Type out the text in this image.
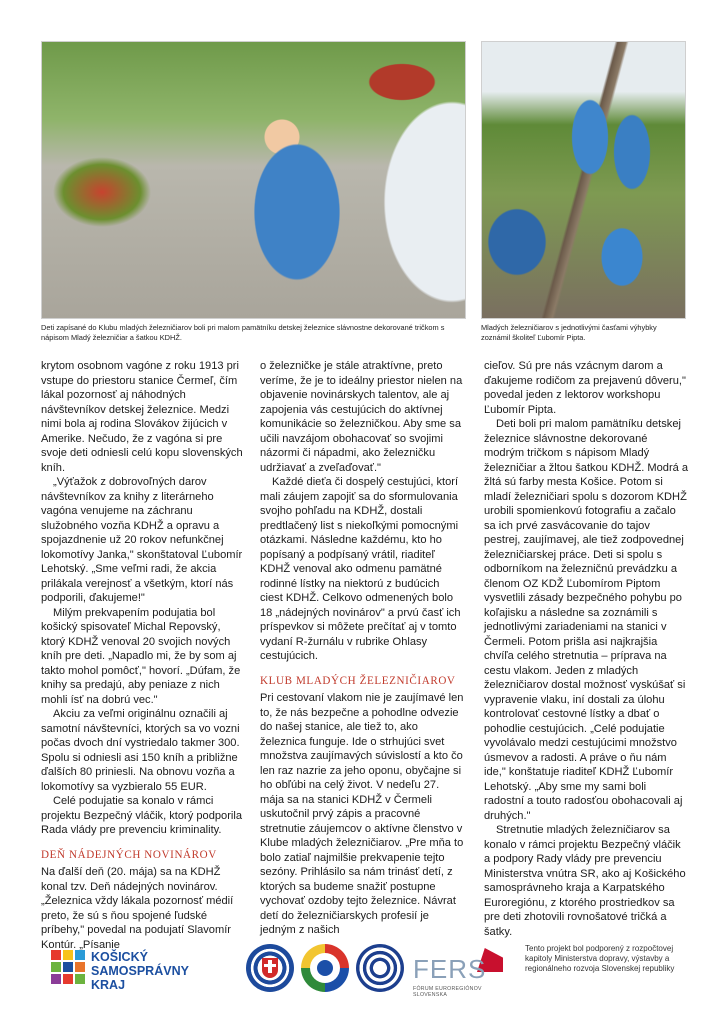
Deti zapísané do Klubu mladých železničiarov boli pri malom pamätníku detskej železnice slávnostne dekorované tričkom s nápisom Mladý železničiar a šatkou KDHŽ.
Mladých železničiarov s jednotlivými časťami výhybky zoznámil školiteľ Ľubomír Pipta.

krytom osobnom vagóne z roku 1913 pri vstupe do priestoru stanice Čermeľ, čím lákal pozornosť aj náhodných návštevníkov detskej železnice. Medzi nimi bola aj rodina Slovákov žijúcich v Amerike. Nečudo, že z vagóna si pre svoje deti odniesli celú kopu slovenských kníh.

„Výťažok z dobrovoľných darov návštevníkov za knihy z literárneho vagóna venujeme na záchranu služobného vozňa KDHŽ a opravu a spojazdnenie už 20 rokov nefunkčnej lokomotívy Janka," skonštatoval Ľubomír Lehotský. „Sme veľmi radi, že akcia prilákala verejnosť a všetkým, ktorí nás podporili, ďakujeme!"

Milým prekvapením podujatia bol košický spisovateľ Michal Repovský, ktorý KDHŽ venoval 20 svojich nových kníh pre deti. „Napadlo mi, že by som aj takto mohol pomôcť," hovorí. „Dúfam, že knihy sa predajú, aby peniaze z nich mohli ísť na dobrú vec."

Akciu za veľmi originálnu označili aj samotní návštevníci, ktorých sa vo vozni počas dvoch dní vystriedalo takmer 300. Spolu si odniesli asi 150 kníh a približne ďalších 80 priniesli. Na obnovu vozňa a lokomotívy sa vyzbieralo 55 EUR.

Celé podujatie sa konalo v rámci projektu Bezpečný vláčik, ktorý podporila Rada vlády pre prevenciu kriminality.

DEŇ NÁDEJNÝCH NOVINÁROV

Na ďalší deň (20. mája) sa na KDHŽ konal tzv. Deň nádejných novinárov. „Železnica vždy lákala pozornosť médií preto, že sú s ňou spojené ľudské príbehy," povedal na podujatí Slavomír Kontúr. „Písanie

o železničke je stále atraktívne, preto veríme, že je to ideálny priestor nielen na objavenie novinárskych talentov, ale aj zapojenia vás cestujúcich do aktívnej komunikácie so železničkou. Aby sme sa učili navzájom obohacovať so svojimi názormi či nápadmi, ako železničku udržiavať a zveľaďovať."

Každé dieťa či dospelý cestujúci, ktorí mali záujem zapojiť sa do sformulovania svojho pohľadu na KDHŽ, dostali predtlačený list s niekoľkými pomocnými otázkami. Následne každému, kto ho popísaný a podpísaný vrátil, riaditeľ KDHŽ venoval ako odmenu pamätné rodinné lístky na niektorú z budúcich ciest KDHŽ. Celkovo odmenených bolo 18 „nádejných novinárov" a prvú časť ich príspevkov si môžete prečítať aj v tomto vydaní R-žurnálu v rubrike Ohlasy cestujúcich.

KLUB MLADÝCH ŽELEZNIČIAROV

Pri cestovaní vlakom nie je zaujímavé len to, že nás bezpečne a pohodlne odvezie do našej stanice, ale tiež to, ako železnica funguje. Ide o strhujúci svet množstva zaujímavých súvislostí a kto čo len raz nazrie za jeho oponu, obyčajne si ho obľúbi na celý život. V nedeľu 27. mája sa na stanici KDHŽ v Čermeli uskutočnil prvý zápis a pracovné stretnutie záujemcov o aktívne členstvo v Klube mladých železničiarov. „Pre mňa to bolo zatiaľ najmilšie prekvapenie tejto sezóny. Prihlásilo sa nám trinásť detí, z ktorých sa budeme snažiť postupne vychovať ozdoby tejto železnice. Návrat detí do železničiarskych profesií je jedným z našich

cieľov. Sú pre nás vzácnym darom a ďakujeme rodičom za prejavenú dôveru," povedal jeden z lektorov workshopu Ľubomír Pipta.

Deti boli pri malom pamätníku detskej železnice slávnostne dekorované modrým tričkom s nápisom Mladý železničiar a žltou šatkou KDHŽ. Modrá a žltá sú farby mesta Košice. Potom si mladí železničiari spolu s dozorom KDHŽ urobili spomienkovú fotografiu a začalo sa ich prvé zasvácovanie do tajov pestrej, zaujímavej, ale tiež zodpovednej železničiarskej práce. Deti si spolu s odborníkom na železničnú prevádzku a členom OZ KDŽ Ľubomírom Piptom vysvetlili zásady bezpečného pohybu po koľajisku a následne sa zoznámili s jednotlivými zariadeniami na stanici v Čermeli. Potom prišla asi najkrajšia chvíľa celého stretnutia – príprava na cestu vlakom. Jeden z mladých železničiarov dostal možnosť vyskúšať si vypravenie vlaku, iní dostali za úlohu kontrolovať cestovné lístky a dbať o pohodlie cestujúcich. „Celé podujatie vyvolávalo medzi cestujúcimi množstvo úsmevov a radosti. A práve o ňu nám ide," konštatuje riaditeľ KDHŽ Ľubomír Lehotský. „Aby sme my sami boli radostní a touto radosťou obohacovali aj druhých."

Stretnutie mladých železničiarov sa konalo v rámci projektu Bezpečný vláčik a podpory Rady vlády pre prevenciu Ministerstva vnútra SR, ako aj Košického samosprávneho kraja a Karpatského Euroregiónu, z ktorého prostriedkov sa pre deti zhotovili rovnošatové tričká a šatky.

KOŠICKÝ
SAMOSPRÁVNY
KRAJ
FERS
FÓRUM EUROREGIÓNOV SLOVENSKA
Tento projekt bol podporený z rozpočtovej kapitoly Ministerstva dopravy, výstavby a regionálneho rozvoja Slovenskej republiky
